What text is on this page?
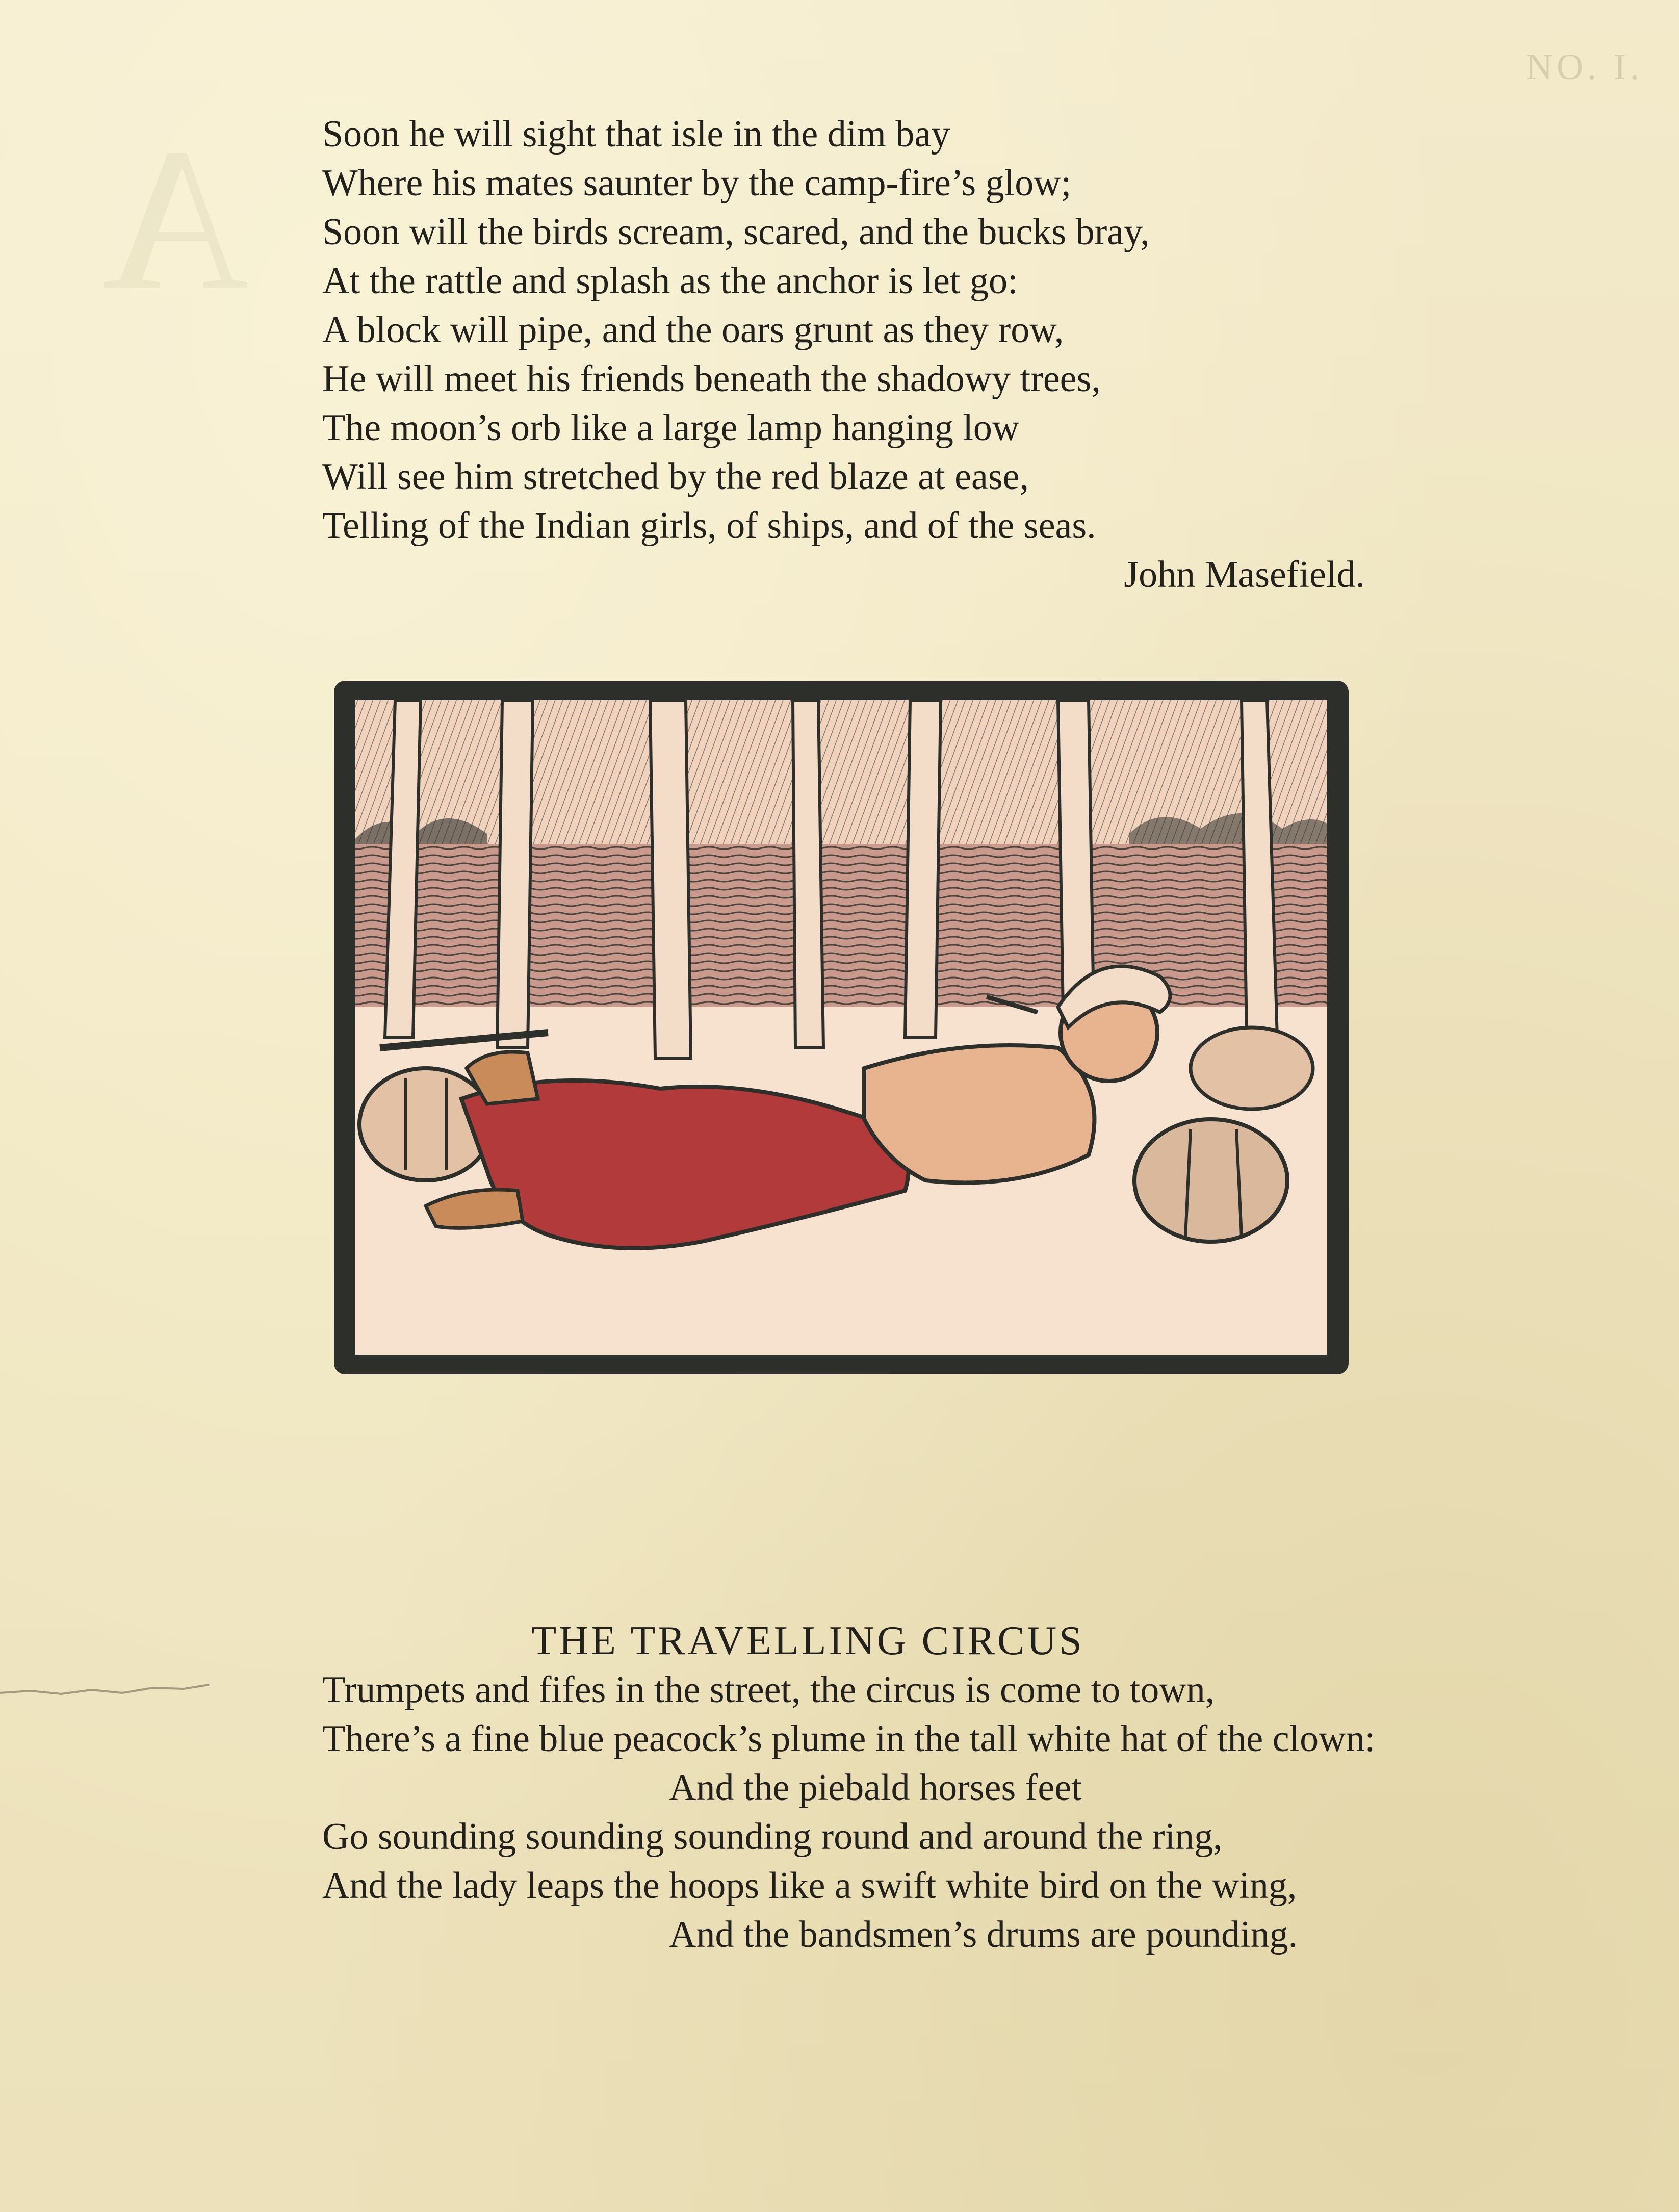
NO. I.
A Soon he will sight that isle in the dim bay
Where his mates saunter by the camp-fire’s glow;
Soon will the birds scream, scared, and the bucks bray,
At the rattle and splash as the anchor is let go:
A block will pipe, and the oars grunt as they row,
He will meet his friends beneath the shadowy trees,
The moon’s orb like a large lamp hanging low
Will see him stretched by the red blaze at ease,
Telling of the Indian girls, of ships, and of the seas.
John Masefield.
THE TRAVELLING CIRCUS
Trumpets and fifes in the street, the circus is come to town,
There’s a fine blue peacock’s plume in the tall white hat of the clown:
And the piebald horses feet
Go sounding sounding sounding round and around the ring,
And the lady leaps the hoops like a swift white bird on the wing,
And the bandsmen’s drums are pounding.
